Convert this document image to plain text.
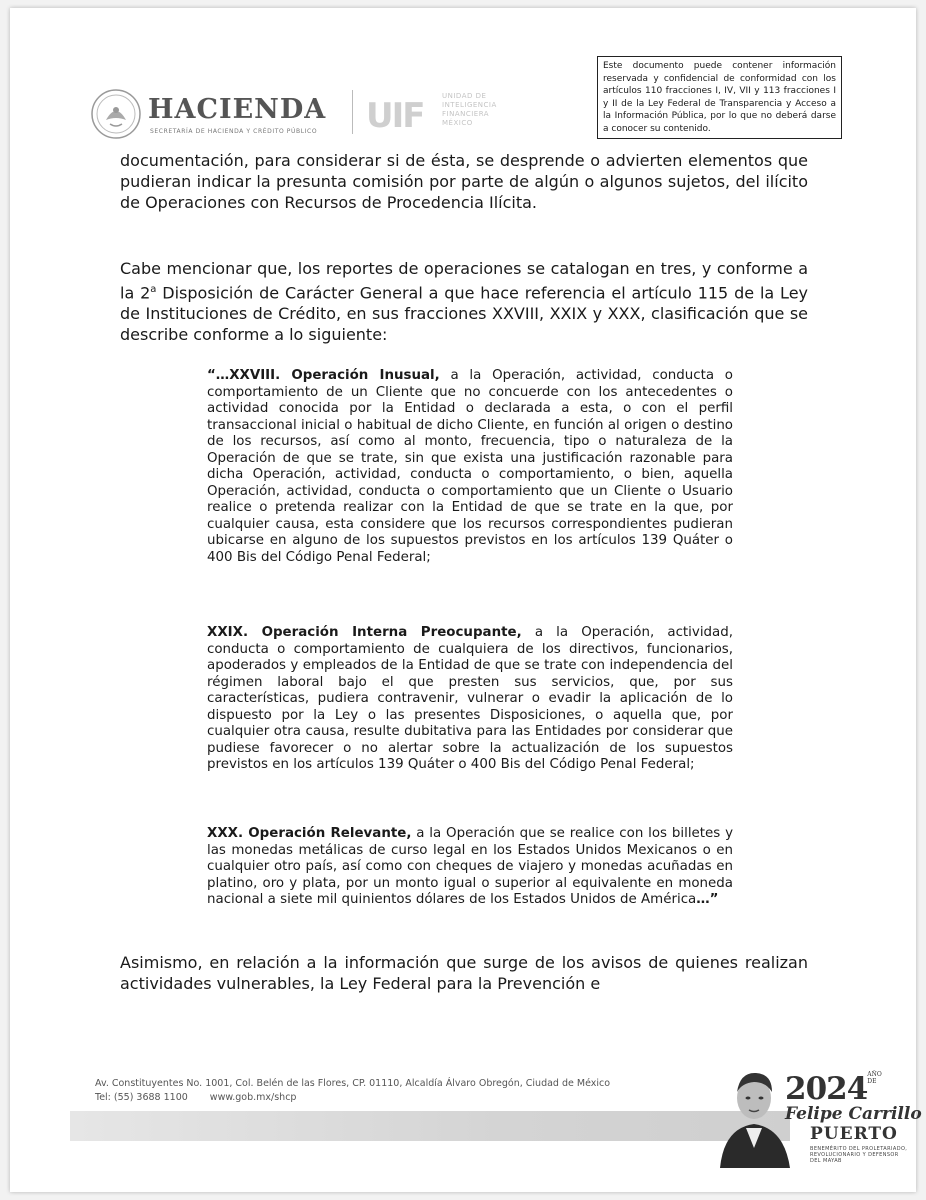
HACIENDA
SECRETARÍA DE HACIENDA Y CRÉDITO PÚBLICO UIF	UNIDAD DE
INTELIGENCIA
FINANCIERA
MÉXICO
Este documento puede contener información reservada y confidencial de conformidad con los artículos 110 fracciones I, IV, VII y 113 fracciones I y II de la Ley Federal de Transparencia y Acceso a la Información Pública, por lo que no deberá darse a conocer su contenido.

documentación, para considerar si de ésta, se desprende o advierten elementos que pudieran indicar la presunta comisión por parte de algún o algunos sujetos, del ilícito de Operaciones con Recursos de Procedencia Ilícita.

Cabe mencionar que, los reportes de operaciones se catalogan en tres, y conforme a la 2$^a$ Disposición de Carácter General a que hace referencia el artículo 115 de la Ley de Instituciones de Crédito, en sus fracciones XXVIII, XXIX y XXX, clasificación que se describe conforme a lo siguiente:

“…XXVIII. Operación Inusual, a la Operación, actividad, conducta o comportamiento de un Cliente que no concuerde con los antecedentes o actividad conocida por la Entidad o declarada a esta, o con el perfil transaccional inicial o habitual de dicho Cliente, en función al origen o destino de los recursos, así como al monto, frecuencia, tipo o naturaleza de la Operación de que se trate, sin que exista una justificación razonable para dicha Operación, actividad, conducta o comportamiento, o bien, aquella Operación, actividad, conducta o comportamiento que un Cliente o Usuario realice o pretenda realizar con la Entidad de que se trate en la que, por cualquier causa, esta considere que los recursos correspondientes pudieran ubicarse en alguno de los supuestos previstos en los artículos 139 Quáter o 400 Bis del Código Penal Federal;

XXIX. Operación Interna Preocupante, a la Operación, actividad, conducta o comportamiento de cualquiera de los directivos, funcionarios, apoderados y empleados de la Entidad de que se trate con independencia del régimen laboral bajo el que presten sus servicios, que, por sus características, pudiera contravenir, vulnerar o evadir la aplicación de lo dispuesto por la Ley o las presentes Disposiciones, o aquella que, por cualquier otra causa, resulte dubitativa para las Entidades por considerar que pudiese favorecer o no alertar sobre la actualización de los supuestos previstos en los artículos 139 Quáter o 400 Bis del Código Penal Federal;

XXX. Operación Relevante, a la Operación que se realice con los billetes y las monedas metálicas de curso legal en los Estados Unidos Mexicanos o en cualquier otro país, así como con cheques de viajero y monedas acuñadas en platino, oro y plata, por un monto igual o superior al equivalente en moneda nacional a siete mil quinientos dólares de los Estados Unidos de América…”

Asimismo, en relación a la información que surge de los avisos de quienes realizan actividades vulnerables, la Ley Federal para la Prevención e

Av. Constituyentes No. 1001, Col. Belén de las Flores, CP. 01110, Alcaldía Álvaro Obregón, Ciudad de México
Tel: (55) 3688 1100 www.gob.mx/shcp	2024AÑO DE
Felipe Carrillo
PUERTO
BENEMÉRITO DEL PROLETARIADO,
REVOLUCIONARIO Y DEFENSOR
DEL MAYAB
